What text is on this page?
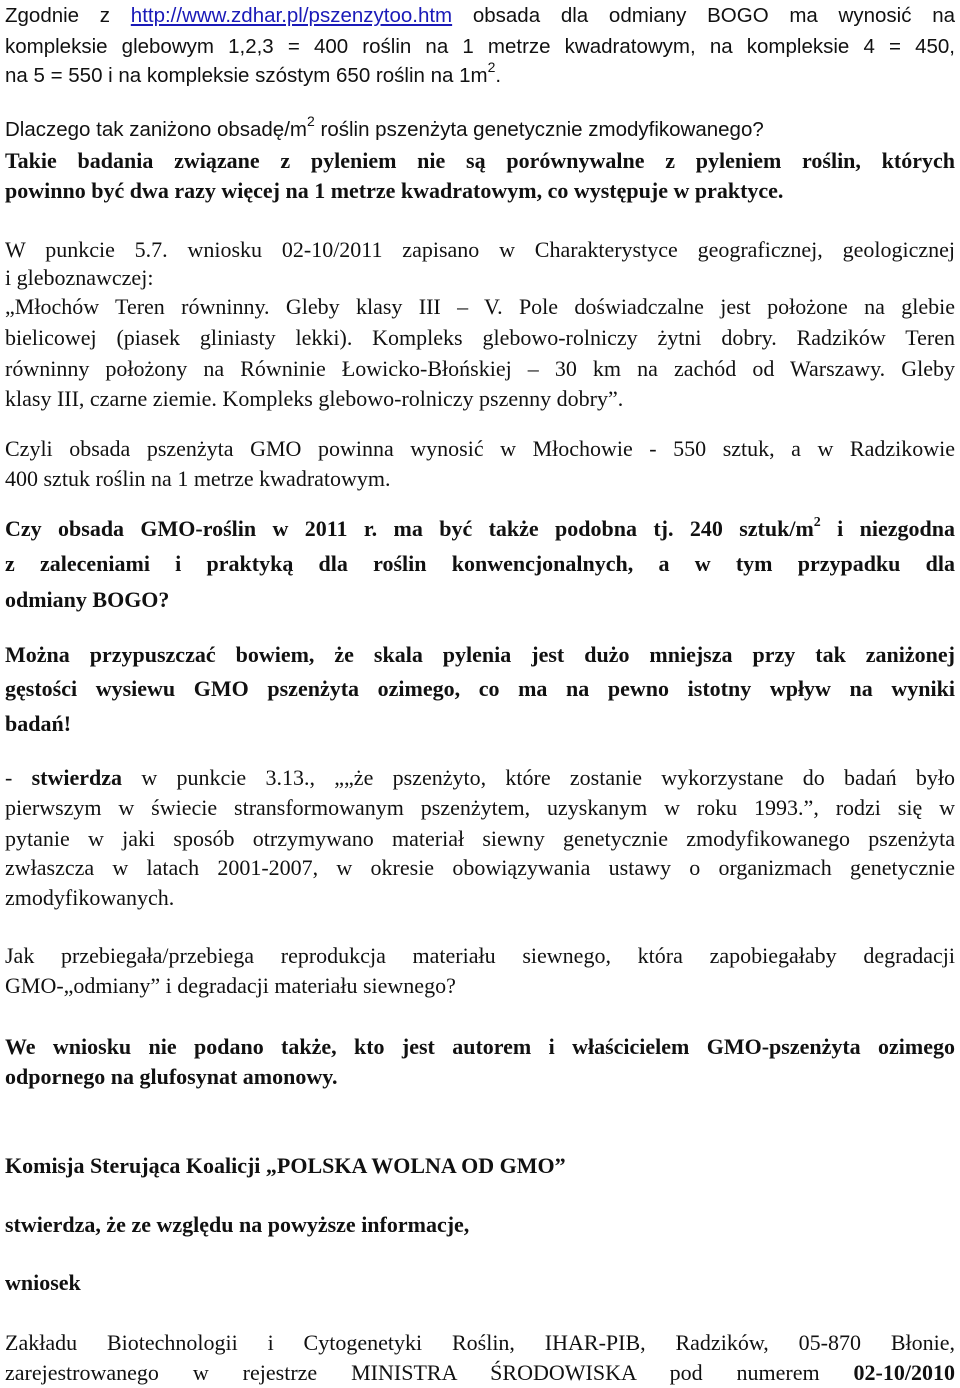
Zgodnie z http://www.zdhar.pl/pszenzytoo.htm obsada dla odmiany BOGO ma wynosić na
kompleksie glebowym 1,2,3 = 400 roślin na 1 metrze kwadratowym, na kompleksie 4 = 450,
na 5 = 550 i na kompleksie szóstym 650 roślin na $1m^2$.
Dlaczego tak zaniżono obsadę/$m^2$ roślin pszenżyta genetycznie zmodyfikowanego?
Takie badania związane z pyleniem nie są porównywalne z pyleniem roślin, których
powinno być dwa razy więcej na 1 metrze kwadratowym, co występuje w praktyce.
W punkcie 5.7. wniosku 02-10/2011 zapisano w Charakterystyce geograficznej, geologicznej
i gleboznawczej:
„Młochów Teren równinny. Gleby klasy III – V. Pole doświadczalne jest położone na glebie
bielicowej (piasek gliniasty lekki). Kompleks glebowo-rolniczy żytni dobry. Radzików Teren
równinny położony na Równinie Łowicko-Błońskiej – 30 km na zachód od Warszawy. Gleby
klasy III, czarne ziemie. Kompleks glebowo-rolniczy pszenny dobry”.
Czyli obsada pszenżyta GMO powinna wynosić w Młochowie - 550 sztuk, a w Radzikowie
400 sztuk roślin na 1 metrze kwadratowym.
Czy obsada GMO-roślin w 2011 r. ma być także podobna tj. 240 sztuk/$m^2$ i niezgodna
z zaleceniami i praktyką dla roślin konwencjonalnych, a w tym przypadku dla
odmiany BOGO?
Można przypuszczać bowiem, że skala pylenia jest dużo mniejsza przy tak zaniżonej
gęstości wysiewu GMO pszenżyta ozimego, co ma na pewno istotny wpływ na wyniki
badań!
- stwierdza w punkcie 3.13., „„że pszenżyto, które zostanie wykorzystane do badań było
pierwszym w świecie stransformowanym pszenżytem, uzyskanym w roku 1993.”, rodzi się w
pytanie w jaki sposób otrzymywano materiał siewny genetycznie zmodyfikowanego pszenżyta
zwłaszcza w latach 2001-2007, w okresie obowiązywania ustawy o organizmach genetycznie
zmodyfikowanych.
Jak przebiegała/przebiega reprodukcja materiału siewnego, która zapobiegałaby degradacji
GMO-„odmiany” i degradacji materiału siewnego?
We wniosku nie podano także, kto jest autorem i właścicielem GMO-pszenżyta ozimego
odpornego na glufosynat amonowy.
Komisja Sterująca Koalicji „POLSKA WOLNA OD GMO”
stwierdza, że ze względu na powyższe informacje,
wniosek
Zakładu Biotechnologii i Cytogenetyki Roślin, IHAR-PIB, Radzików, 05-870 Błonie,
zarejestrowanego w rejestrze MINISTRA ŚRODOWISKA pod numerem 02-10/2010
